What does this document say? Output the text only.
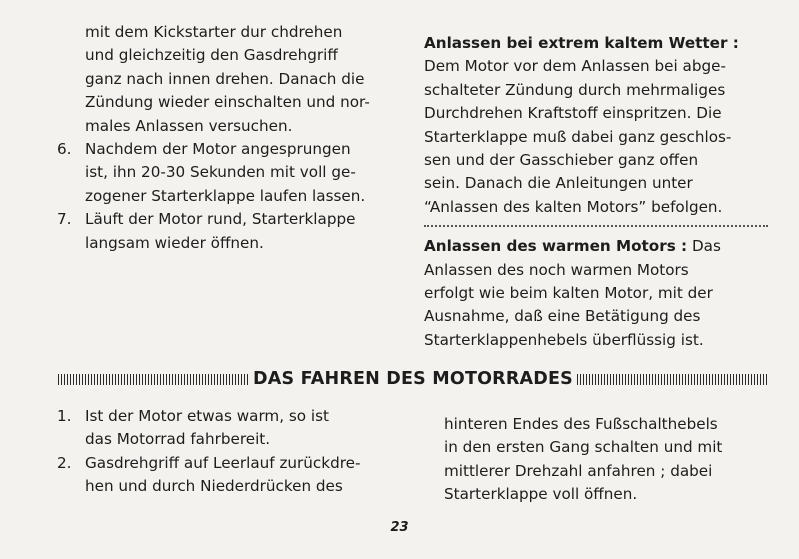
mit dem Kickstarter dur chdrehen
und gleichzeitig den Gasdrehgriff
ganz nach innen drehen. Danach die
Zündung wieder einschalten und nor-
males Anlassen versuchen.
6. Nachdem der Motor angesprungen
ist, ihn 20-30 Sekunden mit voll ge-
zogener Starterklappe laufen lassen.
7. Läuft der Motor rund, Starterklappe
langsam wieder öffnen.
Anlassen bei extrem kaltem Wetter :
Dem Motor vor dem Anlassen bei abge-
schalteter Zündung durch mehrmaliges
Durchdrehen Kraftstoff einspritzen. Die
Starterklappe muß dabei ganz geschlos-
sen und der Gasschieber ganz offen
sein. Danach die Anleitungen unter
“Anlassen des kalten Motors” befolgen.
Anlassen des warmen Motors : Das
Anlassen des noch warmen Motors
erfolgt wie beim kalten Motor, mit der
Ausnahme, daß eine Betätigung des
Starterklappenhebels überflüssig ist.
DAS FAHREN DES MOTORRADES
1. Ist der Motor etwas warm, so ist
das Motorrad fahrbereit.
2. Gasdrehgriff auf Leerlauf zurückdre-
hen und durch Niederdrücken des
hinteren Endes des Fußschalthebels
in den ersten Gang schalten und mit
mittlerer Drehzahl anfahren ; dabei
Starterklappe voll öffnen.
23
